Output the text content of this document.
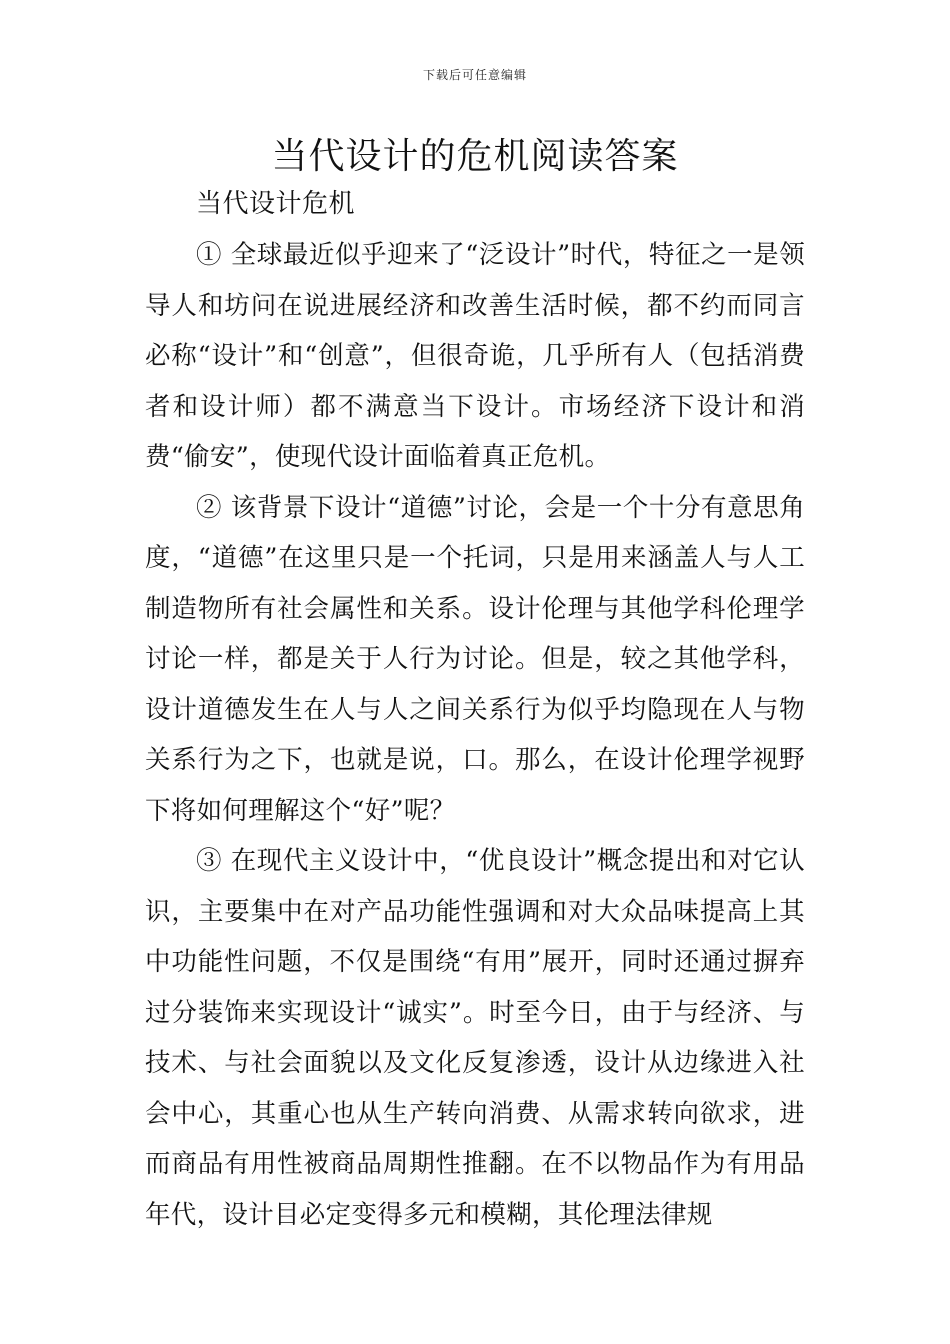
下载后可任意编辑
当代设计的危机阅读答案

当代设计危机

① 全球最近似乎迎来了“泛设计”时代，特征之一是领导人和坊问在说进展经济和改善生活时候，都不约而同言必称“设计”和“创意”，但很奇诡，几乎所有人（包括消费者和设计师）都不满意当下设计。市场经济下设计和消费“偷安”，使现代设计面临着真正危机。

② 该背景下设计“道德”讨论，会是一个十分有意思角度，“道德”在这里只是一个托词，只是用来涵盖人与人工制造物所有社会属性和关系。设计伦理与其他学科伦理学讨论一样，都是关于人行为讨论。但是，较之其他学科，设计道德发生在人与人之间关系行为似乎均隐现在人与物关系行为之下，也就是说，口。那么，在设计伦理学视野下将如何理解这个“好”呢？

③ 在现代主义设计中，“优良设计”概念提出和对它认识，主要集中在对产品功能性强调和对大众品味提高上其中功能性问题，不仅是围绕“有用”展开，同时还通过摒弃过分装饰来实现设计“诚实”。时至今日，由于与经济、与技术、与社会面貌以及文化反复渗透，设计从边缘进入社会中心，其重心也从生产转向消费、从需求转向欲求，进而商品有用性被商品周期性推翻。在不以物品作为有用品年代，设计目必定变得多元和模糊，其伦理法律规
